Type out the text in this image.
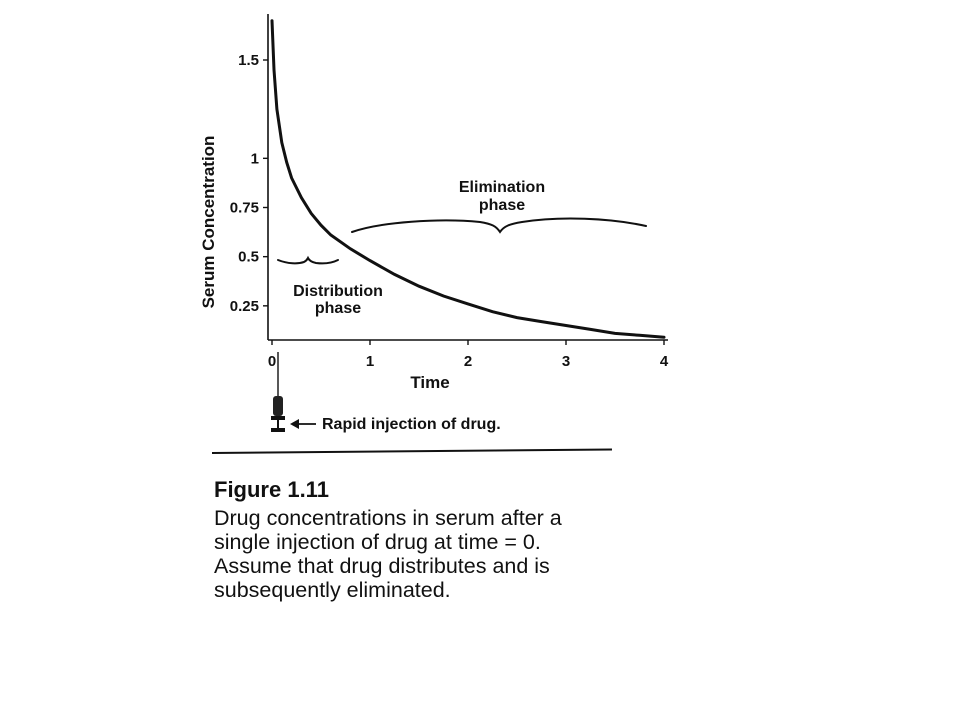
0.25
0.5
0.75
1
1.5
0	1	2	3	4
Serum Concentration
Time
Elimination
phase
Distribution
phase
Rapid injection of drug.
Figure 1.11
Drug concentrations in serum after a
single injection of drug at time = 0.
Assume that drug distributes and is
subsequently eliminated.
